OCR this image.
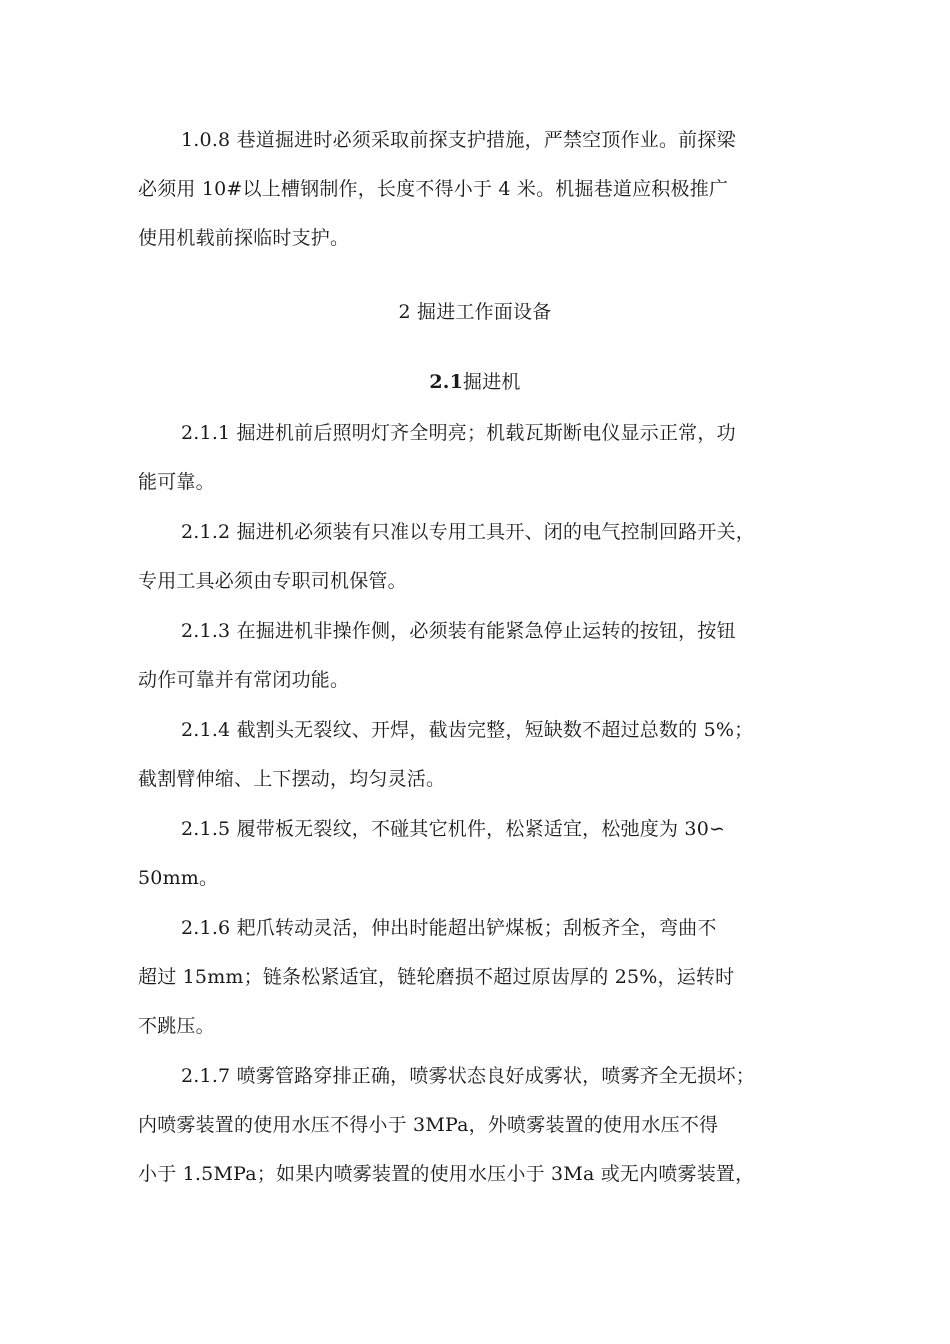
1.0.8 巷道掘进时必须采取前探支护措施，严禁空顶作业。前探梁
必须用 10#以上槽钢制作，长度不得小于 4 米。机掘巷道应积极推广
使用机载前探临时支护。
2 掘进工作面设备
2.1掘进机
2.1.1 掘进机前后照明灯齐全明亮；机载瓦斯断电仪显示正常，功
能可靠。
2.1.2 掘进机必须装有只准以专用工具开、闭的电气控制回路开关，
专用工具必须由专职司机保管。
2.1.3 在掘进机非操作侧，必须装有能紧急停止运转的按钮，按钮
动作可靠并有常闭功能。
2.1.4 截割头无裂纹、开焊，截齿完整，短缺数不超过总数的 5%；
截割臂伸缩、上下摆动，均匀灵活。
2.1.5 履带板无裂纹，不碰其它机件，松紧适宜，松弛度为 30∽
50mm。
2.1.6 耙爪转动灵活，伸出时能超出铲煤板；刮板齐全，弯曲不
超过 15mm；链条松紧适宜，链轮磨损不超过原齿厚的 25%，运转时
不跳压。
2.1.7 喷雾管路穿排正确，喷雾状态良好成雾状，喷雾齐全无损坏；
内喷雾装置的使用水压不得小于 3MPa，外喷雾装置的使用水压不得
小于 1.5MPa；如果内喷雾装置的使用水压小于 3Ma 或无内喷雾装置，
